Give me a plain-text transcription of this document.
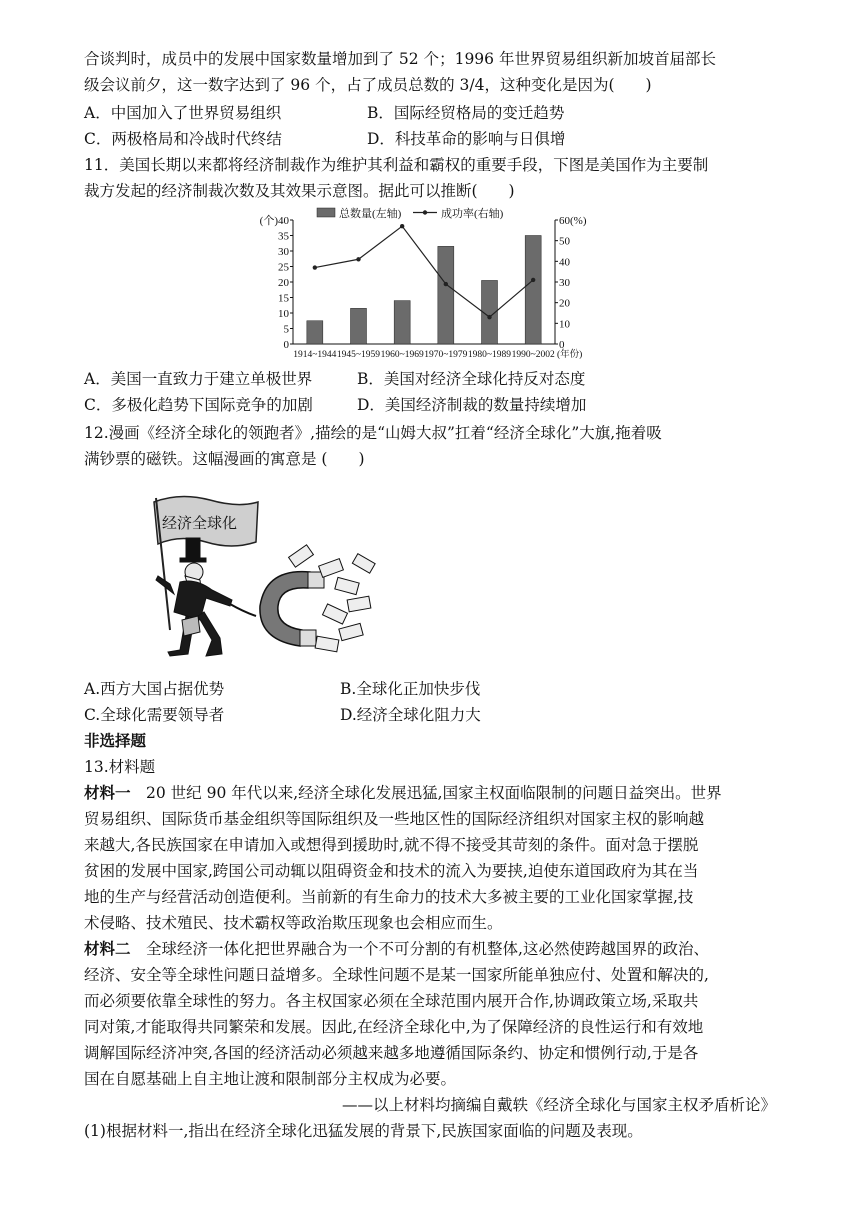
合谈判时，成员中的发展中国家数量增加到了 52 个；1996 年世界贸易组织新加坡首届部长
级会议前夕，这一数字达到了 96 个，占了成员总数的 3/4，这种变化是因为(　　)
A．中国加入了世界贸易组织	B．国际经贸格局的变迁趋势
C．两极格局和冷战时代终结	D．科技革命的影响与日俱增
11．美国长期以来都将经济制裁作为维护其利益和霸权的重要手段，下图是美国作为主要制
裁方发起的经济制裁次数及其效果示意图。据此可以推断(　　)
0
5
10
15
20
25
30
35
(个)40
0
10
20
30
40
50
60(%)
1914~1944 1945~1959 1960~1969 1970~1979 1980~1989 1990~2002 (年份)
总数量(左轴)	成功率(右轴)
A．美国一直致力于建立单极世界	B．美国对经济全球化持反对态度
C．多极化趋势下国际竞争的加剧	D．美国经济制裁的数量持续增加
12.漫画《经济全球化的领跑者》,描绘的是“山姆大叔”扛着“经济全球化”大旗,拖着吸
满钞票的磁铁。这幅漫画的寓意是 (　　)
经济全球化
A.西方大国占据优势	B.全球化正加快步伐
C.全球化需要领导者	D.经济全球化阻力大
非选择题
13.材料题
材料一　20 世纪 90 年代以来,经济全球化发展迅猛,国家主权面临限制的问题日益突出。世界
贸易组织、国际货币基金组织等国际组织及一些地区性的国际经济组织对国家主权的影响越
来越大,各民族国家在申请加入或想得到援助时,就不得不接受其苛刻的条件。面对急于摆脱
贫困的发展中国家,跨国公司动辄以阻碍资金和技术的流入为要挟,迫使东道国政府为其在当
地的生产与经营活动创造便利。当前新的有生命力的技术大多被主要的工业化国家掌握,技
术侵略、技术殖民、技术霸权等政治欺压现象也会相应而生。
材料二　全球经济一体化把世界融合为一个不可分割的有机整体,这必然使跨越国界的政治、
经济、安全等全球性问题日益增多。全球性问题不是某一国家所能单独应付、处置和解决的,
而必须要依靠全球性的努力。各主权国家必须在全球范围内展开合作,协调政策立场,采取共
同对策,才能取得共同繁荣和发展。因此,在经济全球化中,为了保障经济的良性运行和有效地
调解国际经济冲突,各国的经济活动必须越来越多地遵循国际条约、协定和惯例行动,于是各
国在自愿基础上自主地让渡和限制部分主权成为必要。
——以上材料均摘编自戴轶《经济全球化与国家主权矛盾析论》
(1)根据材料一,指出在经济全球化迅猛发展的背景下,民族国家面临的问题及表现。
